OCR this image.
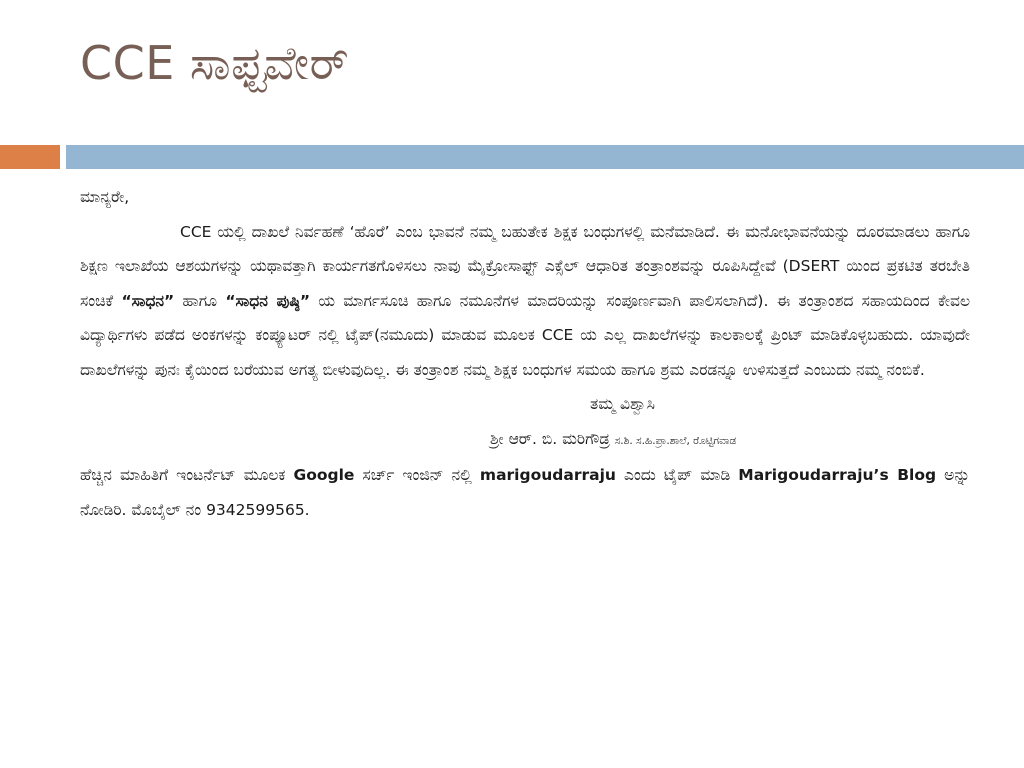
CCE ಸಾಫ್ಟವೇರ್

ಮಾನ್ಯರೇ,

CCE ಯಲ್ಲಿ ದಾಖಲೆ ನಿರ್ವಹಣೆ ‘ಹೊರೆ’ ಎಂಬ ಭಾವನೆ ನಮ್ಮ ಬಹುತೇಕ ಶಿಕ್ಷಕ ಬಂಧುಗಳಲ್ಲಿ ಮನೆಮಾಡಿದೆ. ಈ ಮನೋಭಾವನೆಯನ್ನು ದೂರಮಾಡಲು ಹಾಗೂ ಶಿಕ್ಷಣ ಇಲಾಖೆಯ ಆಶಯಗಳನ್ನು ಯಥಾವತ್ತಾಗಿ ಕಾರ್ಯಗತಗೊಳಿಸಲು ನಾವು ಮೈಕ್ರೋಸಾಫ್ಟ್ ಎಕ್ಸೆಲ್ ಆಧಾರಿತ ತಂತ್ರಾಂಶವನ್ನು ರೂಪಿಸಿದ್ದೇವೆ (DSERT ಯಿಂದ ಪ್ರಕಟಿತ ತರಬೇತಿ ಸಂಚಿಕೆ “ಸಾಧನ” ಹಾಗೂ “ಸಾಧನ ಪುಷ್ಠಿ” ಯ ಮಾರ್ಗಸೂಚಿ ಹಾಗೂ ನಮೂನೆಗಳ ಮಾದರಿಯನ್ನು ಸಂಪೂರ್ಣವಾಗಿ ಪಾಲಿಸಲಾಗಿದೆ). ಈ ತಂತ್ರಾಂಶದ ಸಹಾಯದಿಂದ ಕೇವಲ ವಿದ್ಯಾರ್ಥಿಗಳು ಪಡೆದ ಅಂಕಗಳನ್ನು ಕಂಪ್ಯೂಟರ್ ನಲ್ಲಿ ಟೈಪ್(ನಮೂದು) ಮಾಡುವ ಮೂಲಕ CCE ಯ ಎಲ್ಲ ದಾಖಲೆಗಳನ್ನು ಕಾಲಕಾಲಕ್ಕೆ ಪ್ರಿಂಟ್ ಮಾಡಿಕೊಳ್ಳಬಹುದು. ಯಾವುದೇ ದಾಖಲೆಗಳನ್ನು ಪುನಃ ಕೈಯಿಂದ ಬರೆಯುವ ಅಗತ್ಯ ಬೀಳುವುದಿಲ್ಲ. ಈ ತಂತ್ರಾಂಶ ನಮ್ಮ ಶಿಕ್ಷಕ ಬಂಧುಗಳ ಸಮಯ ಹಾಗೂ ಶ್ರಮ ಎರಡನ್ನೂ ಉಳಿಸುತ್ತದೆ ಎಂಬುದು ನಮ್ಮ ನಂಬಿಕೆ.

ತಮ್ಮ ವಿಶ್ವಾಸಿ

ಶ್ರೀ ಆರ್. ಬಿ. ಮರಿಗೌಡ್ರ ಸ.ಶಿ. ಸ.ಹಿ.ಪ್ರಾ.ಶಾಲೆ, ರೊಟ್ಟಿಗವಾಡ

ಹೆಚ್ಚಿನ ಮಾಹಿತಿಗೆ ಇಂಟರ್ನೆಟ್ ಮೂಲಕ Google ಸರ್ಚ್ ಇಂಜಿನ್ ನಲ್ಲಿ marigoudarraju ಎಂದು ಟೈಪ್ ಮಾಡಿ Marigoudarraju’s Blog ಅನ್ನು ನೋಡಿರಿ. ಮೊಬೈಲ್ ನಂ 9342599565.
